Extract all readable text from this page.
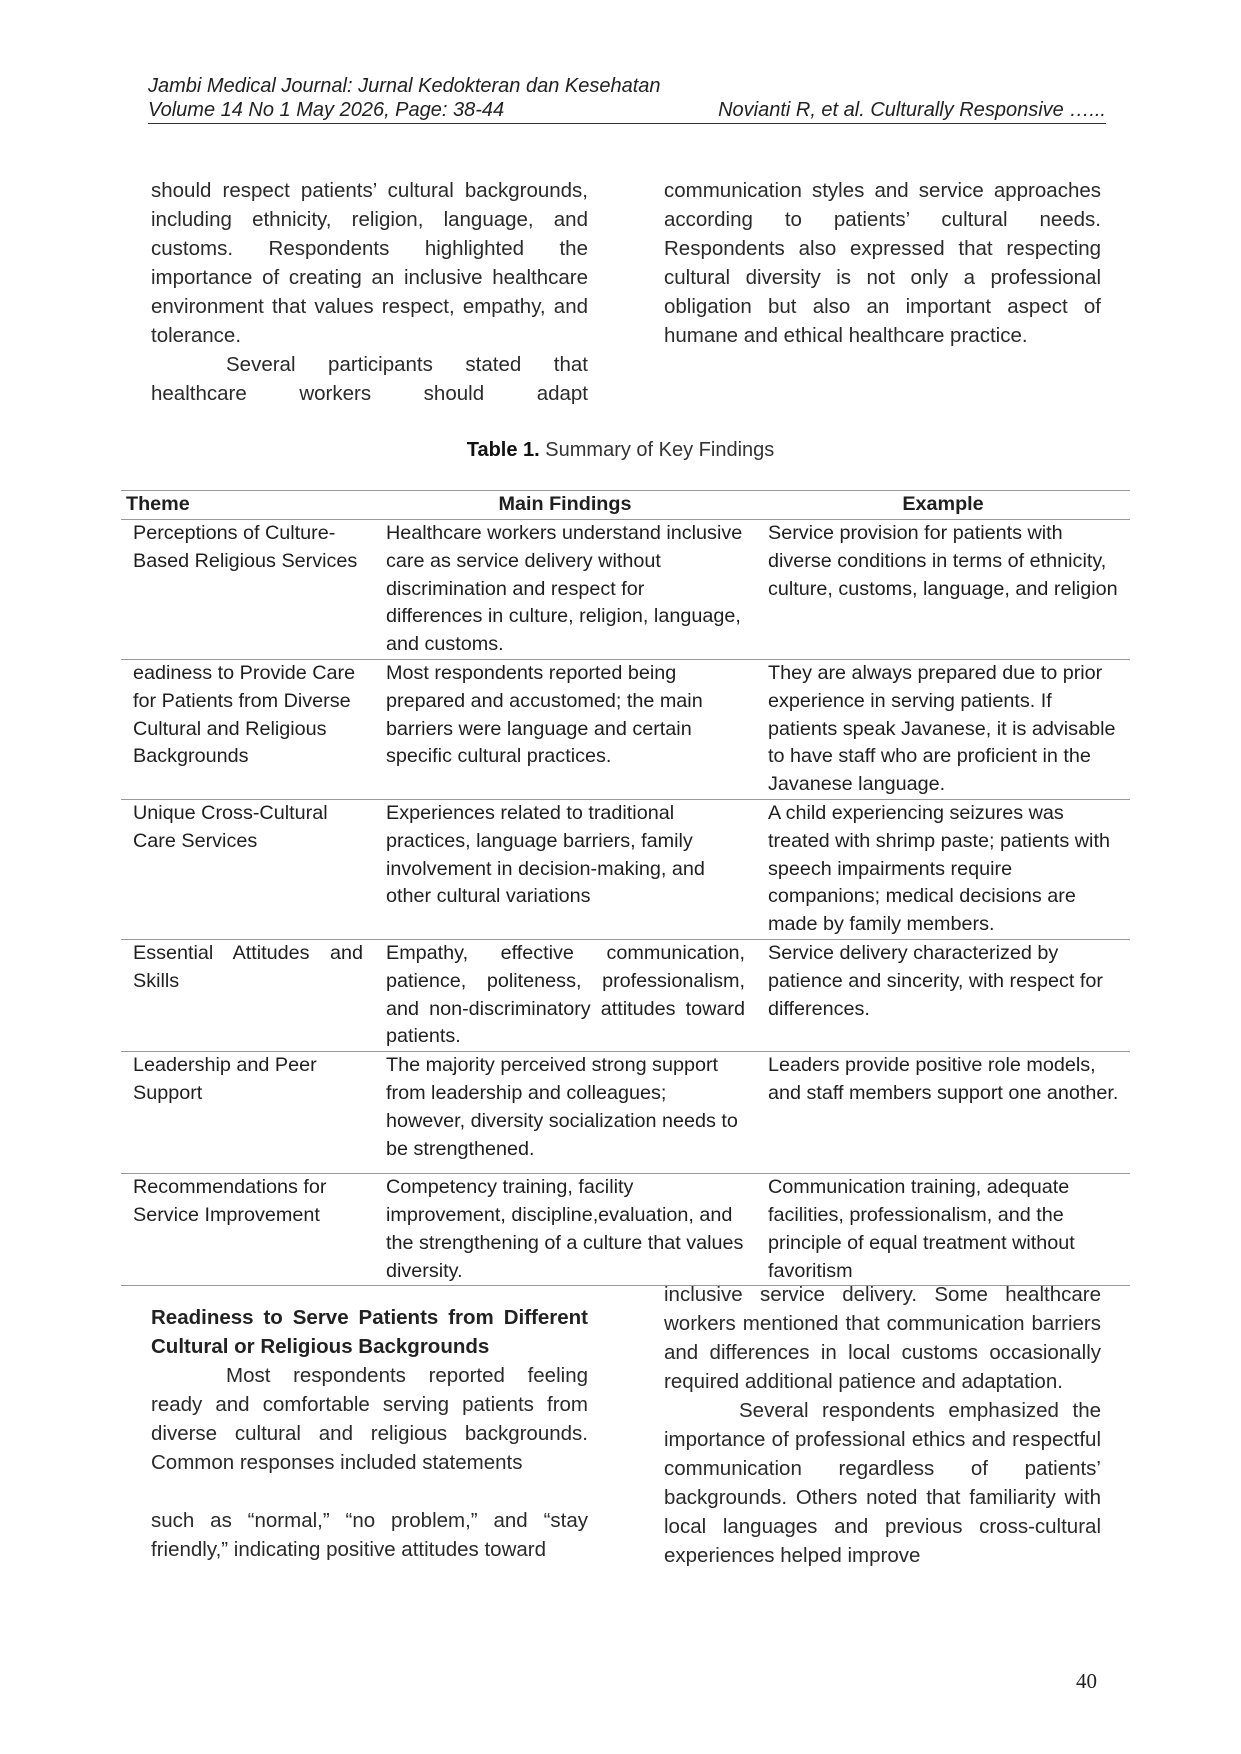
Jambi Medical Journal: Jurnal Kedokteran dan Kesehatan
Volume 14 No 1 May 2026, Page: 38-44	Novianti R, et al. Culturally Responsive …...

should respect patients’ cultural backgrounds, including ethnicity, religion, language, and customs. Respondents highlighted the importance of creating an inclusive healthcare environment that values respect, empathy, and tolerance.

Several participants stated that healthcare workers should adapt

communication styles and service approaches according to patients’ cultural needs. Respondents also expressed that respecting cultural diversity is not only a professional obligation but also an important aspect of humane and ethical healthcare practice.

Table 1. Summary of Key Findings
Theme	Main Findings	Example
Perceptions of Culture-Based Religious Services	Healthcare workers understand inclusive care as service delivery without discrimination and respect for differences in culture, religion, language, and customs.	Service provision for patients with diverse conditions in terms of ethnicity, culture, customs, language, and religion
eadiness to Provide Care for Patients from Diverse Cultural and Religious Backgrounds	Most respondents reported being prepared and accustomed; the main barriers were language and certain specific cultural practices.	They are always prepared due to prior experience in serving patients. If patients speak Javanese, it is advisable to have staff who are proficient in the Javanese language.
Unique Cross-Cultural Care Services	Experiences related to traditional practices, language barriers, family involvement in decision-making, and other cultural variations	A child experiencing seizures was treated with shrimp paste; patients with speech impairments require companions; medical decisions are made by family members.
Essential Attitudes and Skills	Empathy, effective communication, patience, politeness, professionalism, and non-discriminatory attitudes toward patients.	Service delivery characterized by patience and sincerity, with respect for differences.
Leadership and Peer Support	The majority perceived strong support from leadership and colleagues; however, diversity socialization needs to be strengthened.	Leaders provide positive role models, and staff members support one another.
Recommendations for Service Improvement	Competency training, facility improvement, discipline,evaluation, and the strengthening of a culture that values diversity.	Communication training, adequate facilities, professionalism, and the principle of equal treatment without favoritism

Readiness to Serve Patients from Different Cultural or Religious Backgrounds

Most respondents reported feeling ready and comfortable serving patients from diverse cultural and religious backgrounds. Common responses included statements

such as “normal,” “no problem,” and “stay friendly,” indicating positive attitudes toward

inclusive service delivery. Some healthcare workers mentioned that communication barriers and differences in local customs occasionally required additional patience and adaptation.

Several respondents emphasized the importance of professional ethics and respectful communication regardless of patients’ backgrounds. Others noted that familiarity with local languages and previous cross-cultural experiences helped improve

40
